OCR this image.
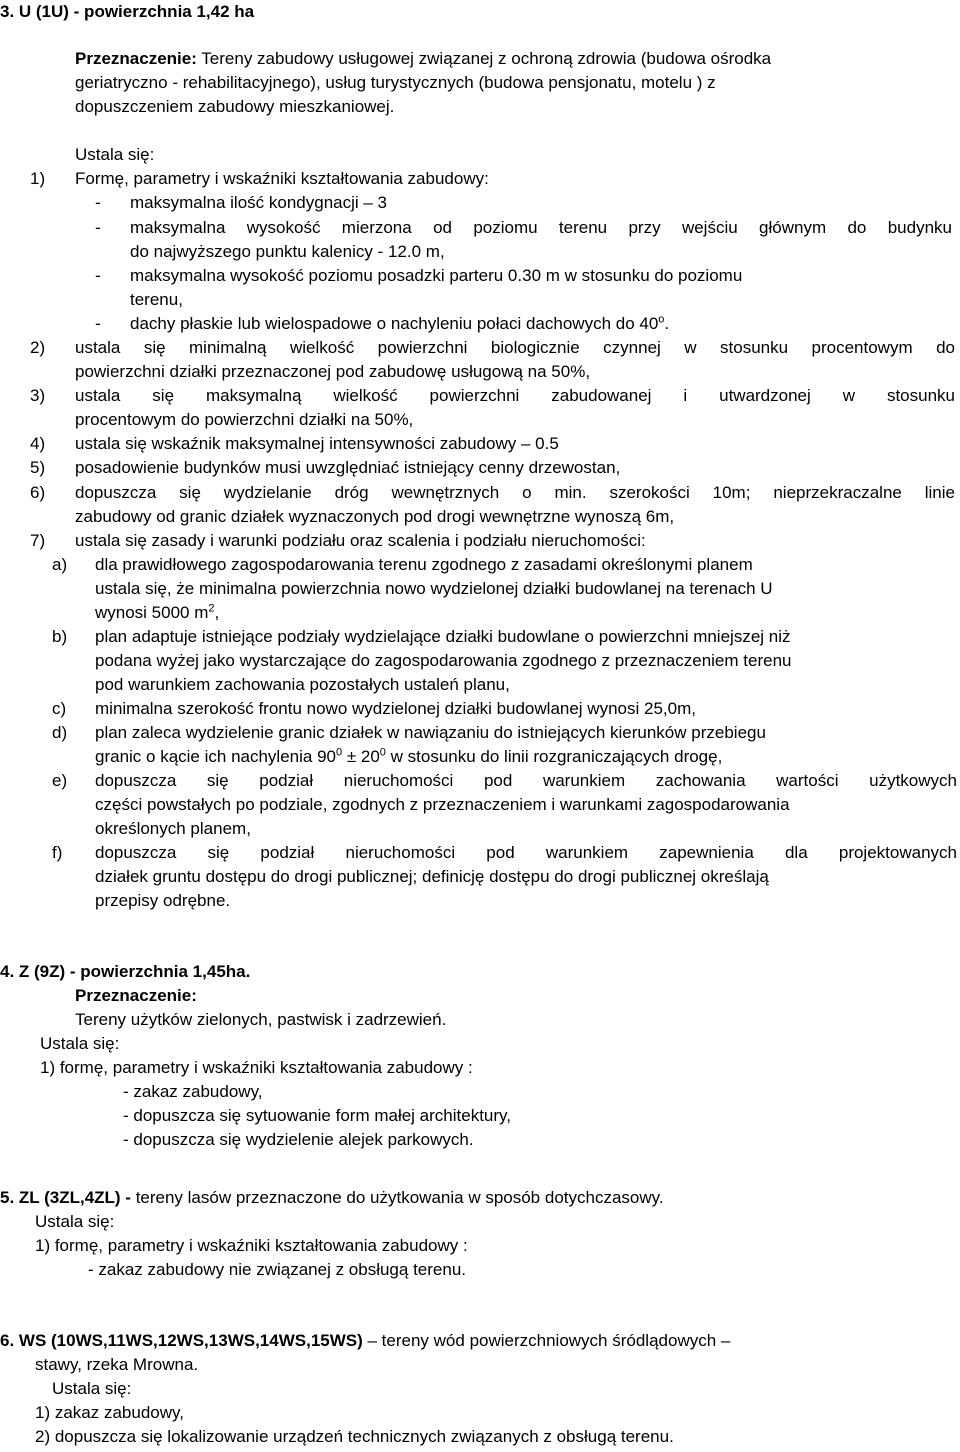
3. U (1U) - powierzchnia 1,42 ha
Przeznaczenie: Tereny zabudowy usługowej związanej z ochroną zdrowia (budowa ośrodka
geriatryczno - rehabilitacyjnego), usług turystycznych (budowa pensjonatu, motelu ) z
dopuszczeniem zabudowy mieszkaniowej.
Ustala się:
1) Formę, parametry i wskaźniki kształtowania zabudowy:
- maksymalna ilość kondygnacji – 3
- maksymalna wysokość mierzona od poziomu terenu przy wejściu głównym do budynku
do najwyższego punktu kalenicy - 12.0 m,
- maksymalna wysokość poziomu posadzki parteru 0.30 m w stosunku do poziomu
terenu,
- dachy płaskie lub wielospadowe o nachyleniu połaci dachowych do 40$^o$.
2) ustala się minimalną wielkość powierzchni biologicznie czynnej w stosunku procentowym do
powierzchni działki przeznaczonej pod zabudowę usługową na 50%,
3) ustala się maksymalną wielkość powierzchni zabudowanej i utwardzonej w stosunku
procentowym do powierzchni działki na 50%,
4) ustala się wskaźnik maksymalnej intensywności zabudowy – 0.5
5) posadowienie budynków musi uwzględniać istniejący cenny drzewostan,
6) dopuszcza się wydzielanie dróg wewnętrznych o min. szerokości 10m; nieprzekraczalne linie
zabudowy od granic działek wyznaczonych pod drogi wewnętrzne wynoszą 6m,
7) ustala się zasady i warunki podziału oraz scalenia i podziału nieruchomości:
a) dla prawidłowego zagospodarowania terenu zgodnego z zasadami określonymi planem
ustala się, że minimalna powierzchnia nowo wydzielonej działki budowlanej na terenach U
wynosi 5000 $m^2$,
b) plan adaptuje istniejące podziały wydzielające działki budowlane o powierzchni mniejszej niż
podana wyżej jako wystarczające do zagospodarowania zgodnego z przeznaczeniem terenu
pod warunkiem zachowania pozostałych ustaleń planu,
c) minimalna szerokość frontu nowo wydzielonej działki budowlanej wynosi 25,0m,
d) plan zaleca wydzielenie granic działek w nawiązaniu do istniejących kierunków przebiegu
granic o kącie ich nachylenia $90^0 \pm 20^0$ w stosunku do linii rozgraniczających drogę,
e) dopuszcza się podział nieruchomości pod warunkiem zachowania wartości użytkowych
części powstałych po podziale, zgodnych z przeznaczeniem i warunkami zagospodarowania
określonych planem,
f) dopuszcza się podział nieruchomości pod warunkiem zapewnienia dla projektowanych
działek gruntu dostępu do drogi publicznej; definicję dostępu do drogi publicznej określają
przepisy odrębne.
4. Z (9Z) - powierzchnia 1,45ha.
Przeznaczenie:
Tereny użytków zielonych, pastwisk i zadrzewień.
Ustala się:
1) formę, parametry i wskaźniki kształtowania zabudowy :
- zakaz zabudowy,
- dopuszcza się sytuowanie form małej architektury,
- dopuszcza się wydzielenie alejek parkowych.
5. ZL (3ZL,4ZL) - tereny lasów przeznaczone do użytkowania w sposób dotychczasowy.
Ustala się:
1) formę, parametry i wskaźniki kształtowania zabudowy :
- zakaz zabudowy nie związanej z obsługą terenu.
6. WS (10WS,11WS,12WS,13WS,14WS,15WS) – tereny wód powierzchniowych śródlądowych –
stawy, rzeka Mrowna.
Ustala się:
1) zakaz zabudowy,
2) dopuszcza się lokalizowanie urządzeń technicznych związanych z obsługą terenu.
